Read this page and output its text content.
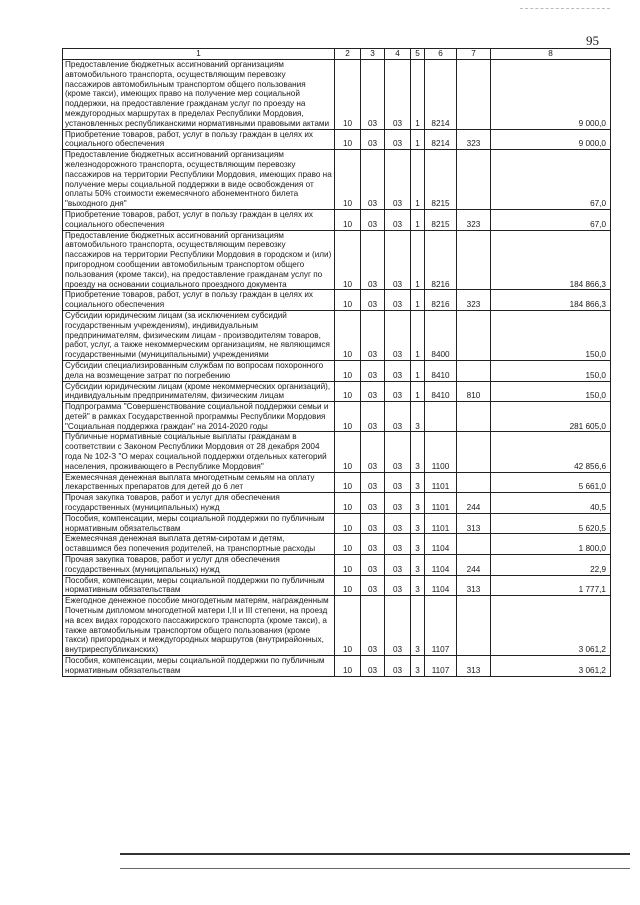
95
1	2	3	4	5	6	7	8
Предоставление бюджетных ассигнований организациям автомобильного транспорта, осуществляющим перевозку пассажиров автомобильным транспортом общего пользования (кроме такси), имеющих право на получение мер социальной поддержки, на предоставление гражданам услуг по проезду на междугородных маршрутах в пределах Республики Мордовия, установленных республиканскими нормативными правовыми актами	10	03	03	1	8214		9 000,0
Приобретение товаров, работ, услуг в пользу граждан в целях их социального обеспечения	10	03	03	1	8214	323	9 000,0
Предоставление бюджетных ассигнований организациям железнодорожного транспорта, осуществляющим перевозку пассажиров на территории Республики Мордовия, имеющих право на получение меры социальной поддержки в виде освобождения от оплаты 50% стоимости ежемесячного абонементного билета "выходного дня"	10	03	03	1	8215		67,0
Приобретение товаров, работ, услуг в пользу граждан в целях их социального обеспечения	10	03	03	1	8215	323	67,0
Предоставление бюджетных ассигнований организациям автомобильного транспорта, осуществляющим перевозку пассажиров на территории Республики Мордовия в городском и (или) пригородном сообщении автомобильным транспортом общего пользования (кроме такси), на предоставление гражданам услуг по проезду на основании социального проездного документа	10	03	03	1	8216		184 866,3
Приобретение товаров, работ, услуг в пользу граждан в целях их социального обеспечения	10	03	03	1	8216	323	184 866,3
Субсидии юридическим лицам (за исключением субсидий государственным учреждениям), индивидуальным предпринимателям, физическим лицам - производителям товаров, работ, услуг, а также некоммерческим организациям, не являющимся государственными (муниципальными) учреждениями	10	03	03	1	8400		150,0
Субсидии специализированным службам по вопросам похоронного дела на возмещение затрат по погребению	10	03	03	1	8410		150,0
Субсидии юридическим лицам (кроме некоммерческих организаций), индивидуальным предпринимателям, физическим лицам	10	03	03	1	8410	810	150,0
Подпрограмма "Совершенствование социальной поддержки семьи и детей" в рамках Государственной программы Республики Мордовия "Социальная поддержка граждан" на 2014-2020 годы	10	03	03	3			281 605,0
Публичные нормативные социальные выплаты гражданам в соответствии с Законом Республики Мордовия от 28 декабря 2004 года № 102-З "О мерах социальной поддержки отдельных категорий населения, проживающего в Республике Мордовия"	10	03	03	3	1100		42 856,6
Ежемесячная денежная выплата многодетным семьям на оплату лекарственных препаратов для детей до 6 лет	10	03	03	3	1101		5 661,0
Прочая закупка товаров, работ и услуг для обеспечения государственных (муниципальных) нужд	10	03	03	3	1101	244	40,5
Пособия, компенсации, меры социальной поддержки по публичным нормативным обязательствам	10	03	03	3	1101	313	5 620,5
Ежемесячная денежная выплата детям-сиротам и детям, оставшимся без попечения родителей, на транспортные расходы	10	03	03	3	1104		1 800,0
Прочая закупка товаров, работ и услуг для обеспечения государственных (муниципальных) нужд	10	03	03	3	1104	244	22,9
Пособия, компенсации, меры социальной поддержки по публичным нормативным обязательствам	10	03	03	3	1104	313	1 777,1
Ежегодное денежное пособие многодетным матерям, награжденным Почетным дипломом многодетной матери I,II и III степени, на проезд на всех видах городского пассажирского транспорта (кроме такси), а также автомобильным транспортом общего пользования (кроме такси) пригородных и междугородных маршрутов (внутрирайонных, внутриреспубликанских)	10	03	03	3	1107		3 061,2
Пособия, компенсации, меры социальной поддержки по публичным нормативным обязательствам	10	03	03	3	1107	313	3 061,2
